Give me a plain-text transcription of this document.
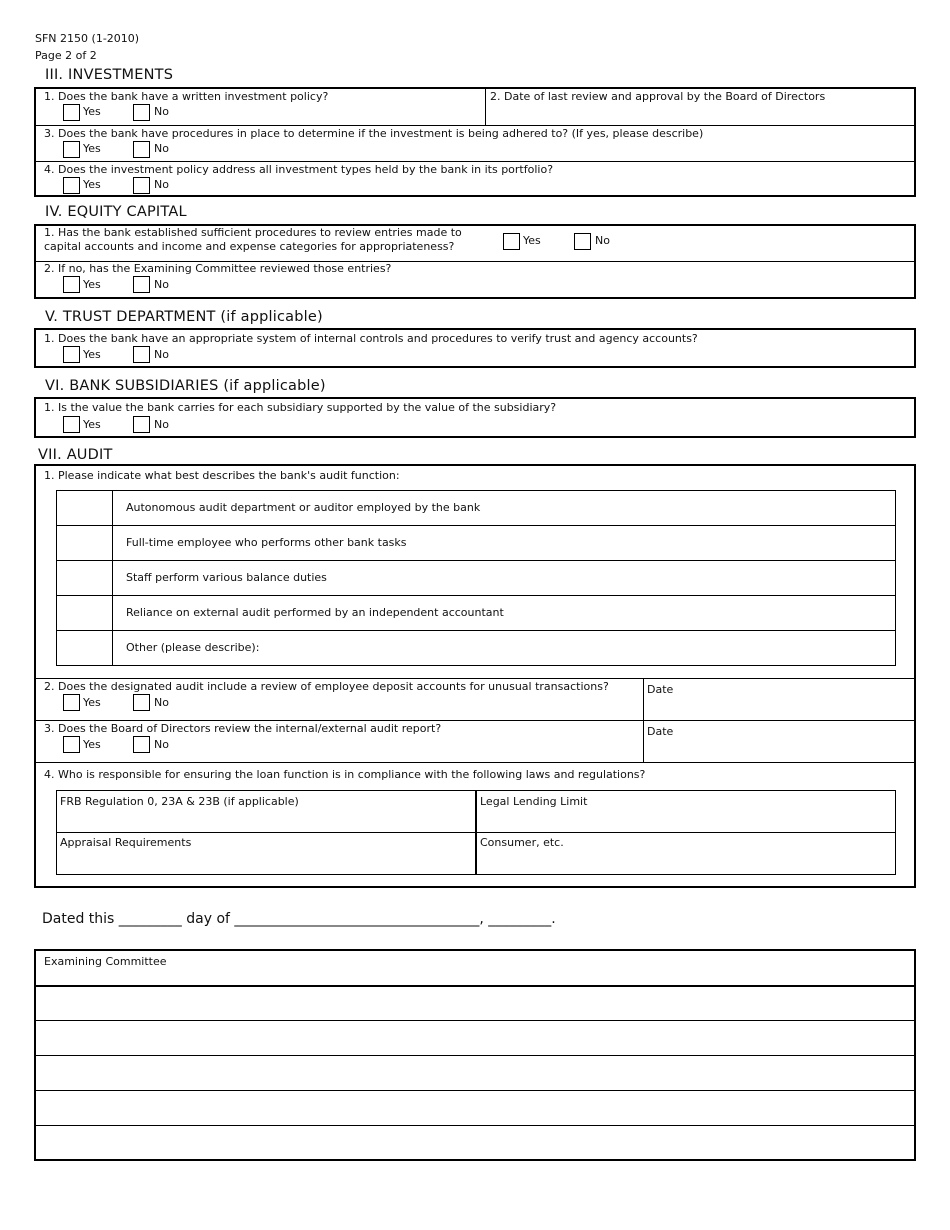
SFN 2150 (1-2010)
Page 2 of 2
III. INVESTMENTS
1. Does the bank have a written investment policy?	2. Date of last review and approval by the Board of Directors
Yes	No
3. Does the bank have procedures in place to determine if the investment is being adhered to? (If yes, please describe)
Yes	No
4. Does the investment policy address all investment types held by the bank in its portfolio?
Yes	No
IV. EQUITY CAPITAL
1. Has the bank established sufficient procedures to review entries made to
capital accounts and income and expense categories for appropriateness?	Yes	No
2. If no, has the Examining Committee reviewed those entries?
Yes	No
V. TRUST DEPARTMENT (if applicable)
1. Does the bank have an appropriate system of internal controls and procedures to verify trust and agency accounts?
Yes	No
VI. BANK SUBSIDIARIES (if applicable)
1. Is the value the bank carries for each subsidiary supported by the value of the subsidiary?
Yes	No
VII. AUDIT
1. Please indicate what best describes the bank's audit function:
Autonomous audit department or auditor employed by the bank
Full-time employee who performs other bank tasks
Staff perform various balance duties
Reliance on external audit performed by an independent accountant
Other (please describe):
2. Does the designated audit include a review of employee deposit accounts for unusual transactions?	Date
Yes	No
3. Does the Board of Directors review the internal/external audit report?	Date
Yes	No
4. Who is responsible for ensuring the loan function is in compliance with the following laws and regulations?
FRB Regulation 0, 23A & 23B (if applicable)	Legal Lending Limit
Appraisal Requirements	Consumer, etc.
Dated this _________ day of ___________________________________, _________.
Examining Committee
